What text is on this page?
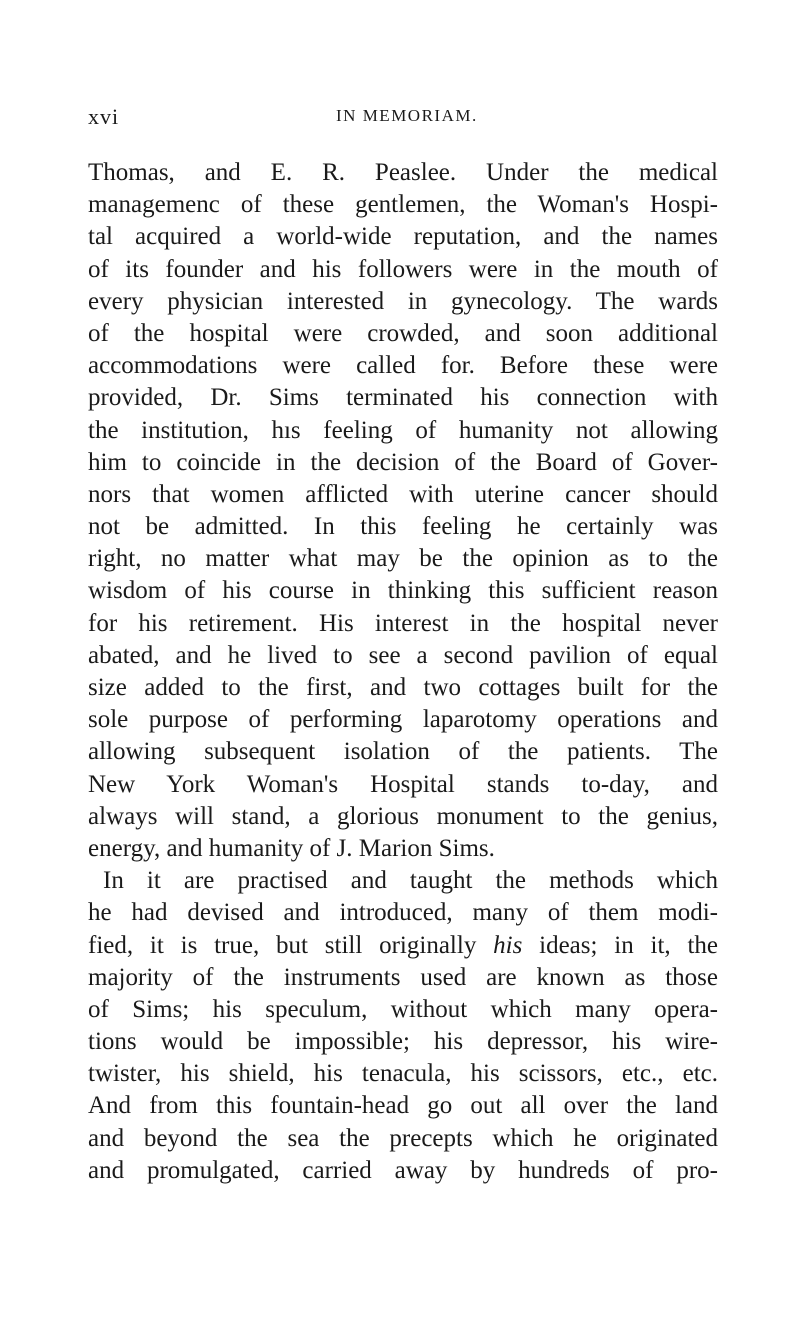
xvi	IN MEMORIAM.
Thomas, and E. R. Peaslee. Under the medical
managemenc of these gentlemen, the Woman's Hospi-
tal acquired a world-wide reputation, and the names
of its founder and his followers were in the mouth of
every physician interested in gynecology. The wards
of the hospital were crowded, and soon additional
accommodations were called for. Before these were
provided, Dr. Sims terminated his connection with
the institution, hıs feeling of humanity not allowing
him to coincide in the decision of the Board of Gover-
nors that women afflicted with uterine cancer should
not be admitted. In this feeling he certainly was
right, no matter what may be the opinion as to the
wisdom of his course in thinking this sufficient reason
for his retirement. His interest in the hospital never
abated, and he lived to see a second pavilion of equal
size added to the first, and two cottages built for the
sole purpose of performing laparotomy operations and
allowing subsequent isolation of the patients. The
New York Woman's Hospital stands to-day, and
always will stand, a glorious monument to the genius,
energy, and humanity of J. Marion Sims.
In it are practised and taught the methods which
he had devised and introduced, many of them modi-
fied, it is true, but still originally his ideas; in it, the
majority of the instruments used are known as those
of Sims; his speculum, without which many opera-
tions would be impossible; his depressor, his wire-
twister, his shield, his tenacula, his scissors, etc., etc.
And from this fountain-head go out all over the land
and beyond the sea the precepts which he originated
and promulgated, carried away by hundreds of pro-
